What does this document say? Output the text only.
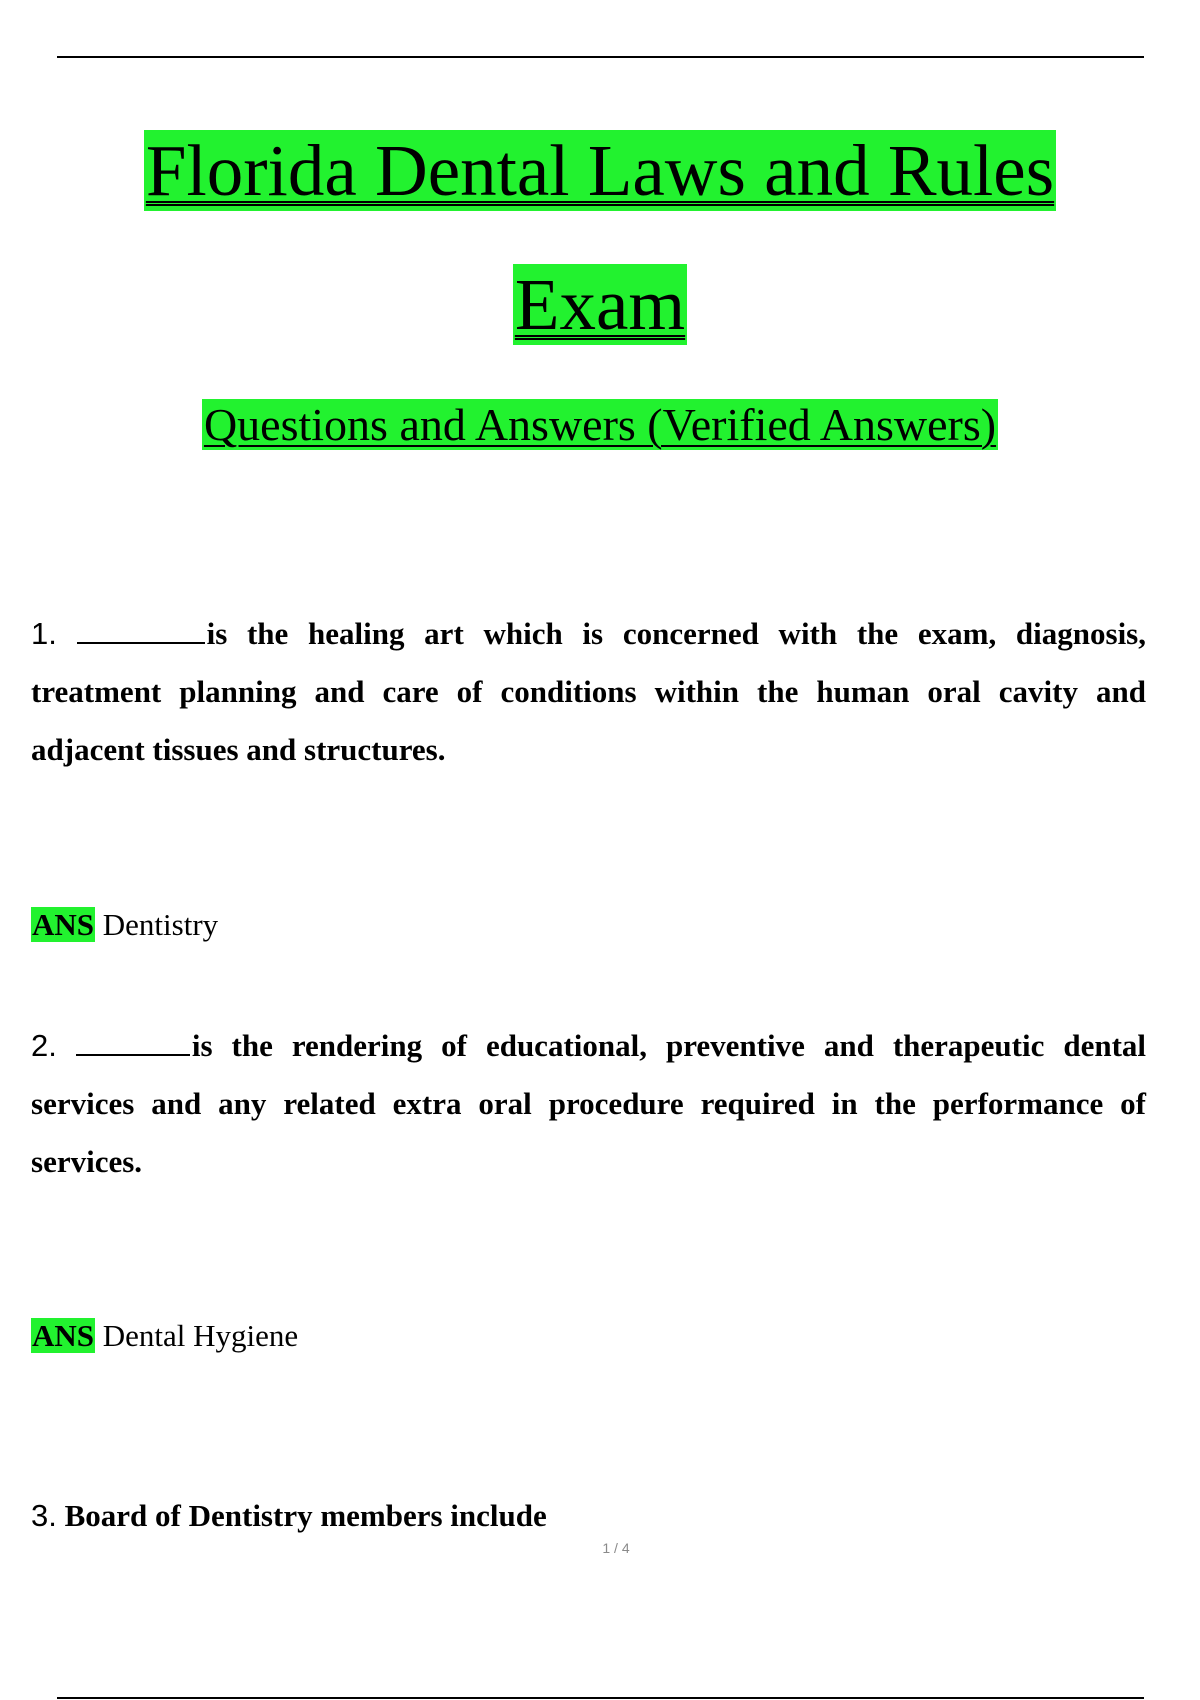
Florida Dental Laws and Rules
Exam
Questions and Answers (Verified Answers)
1.	is the healing art which is concerned with the exam, diagnosis, treatment planning and care of conditions within the human oral cavity and adjacent tissues and structures.
ANS Dentistry
2.	is the rendering of educational, preventive and therapeutic dental services and any related extra oral procedure required in the performance of services.
ANS Dental Hygiene
3. Board of Dentistry members include
1 / 4
